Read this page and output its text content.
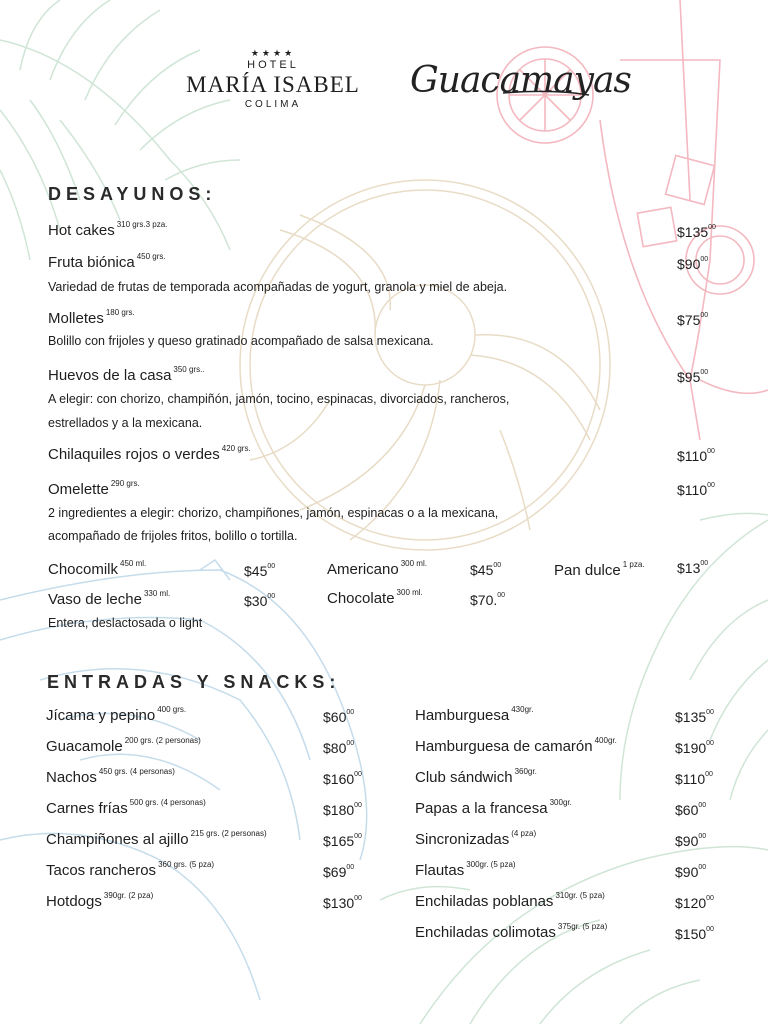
★★★★
HOTEL
MARÍA ISABEL
COLIMA
Guacamayas
DESAYUNOS:
Hot cakes $^{310 grs.3 pza.}$	$\$135^{00}$
Fruta biónica $^{450 grs.}$	$\$90^{00}$
Variedad de frutas de temporada acompañadas de yogurt, granola y miel de abeja.
Molletes $^{180 grs.}$	$\$75^{00}$
Bolillo con frijoles y queso gratinado acompañado de salsa mexicana.
Huevos de la casa $^{350 grs..}$	$\$95^{00}$
A elegir: con chorizo, champiñón, jamón, tocino, espinacas, divorciados, rancheros,
estrellados y a la mexicana.
Chilaquiles rojos o verdes $^{420 grs.}$	$\$110^{00}$
Omelette $^{290 grs.}$	$\$110^{00}$
2 ingredientes a elegir: chorizo, champiñones, jamón, espinacas o a la mexicana,
acompañado de frijoles fritos, bolillo o tortilla.
Chocomilk $^{450 ml.}$	$\$45^{00}$	Americano $^{300 ml.}$	$\$45^{00}$	Pan dulce $^{1 pza.}$ $\$13^{00}$
Vaso de leche $^{330 ml.}$	$\$30^{00}$	Chocolate $^{300 ml.}$	$70.00
Entera, deslactosada o light
ENTRADAS Y SNACKS:
Jícama y pepino $^{400 grs.}$	$\$60^{00}$
Guacamole $^{200 grs. (2 personas)}$	$\$80^{00}$
Nachos $^{450 grs. (4 personas)}$	$\$160^{00}$
Carnes frías $^{500 grs. (4 personas)}$	$\$180^{00}$
Champiñones al ajillo $^{215 grs. (2 personas)}$	$\$165^{00}$
Tacos rancheros $^{360 grs. (5 pza)}$	$\$69^{00}$
Hotdogs $^{390gr. (2 pza)}$	$\$130^{00}$
Hamburguesa $^{430gr.}$	$\$135^{00}$
Hamburguesa de camarón $^{400gr.}$	$\$190^{00}$
Club sándwich $^{360gr.}$	$\$110^{00}$
Papas a la francesa $^{300gr.}$	$\$60^{00}$
Sincronizadas $^{(4 pza)}$	$\$90^{00}$
Flautas $^{300gr. (5 pza)}$	$\$90^{00}$
Enchiladas poblanas $^{310gr. (5 pza)}$	$\$120^{00}$
Enchiladas colimotas $^{375gr. (5 pza)}$	$\$150^{00}$
